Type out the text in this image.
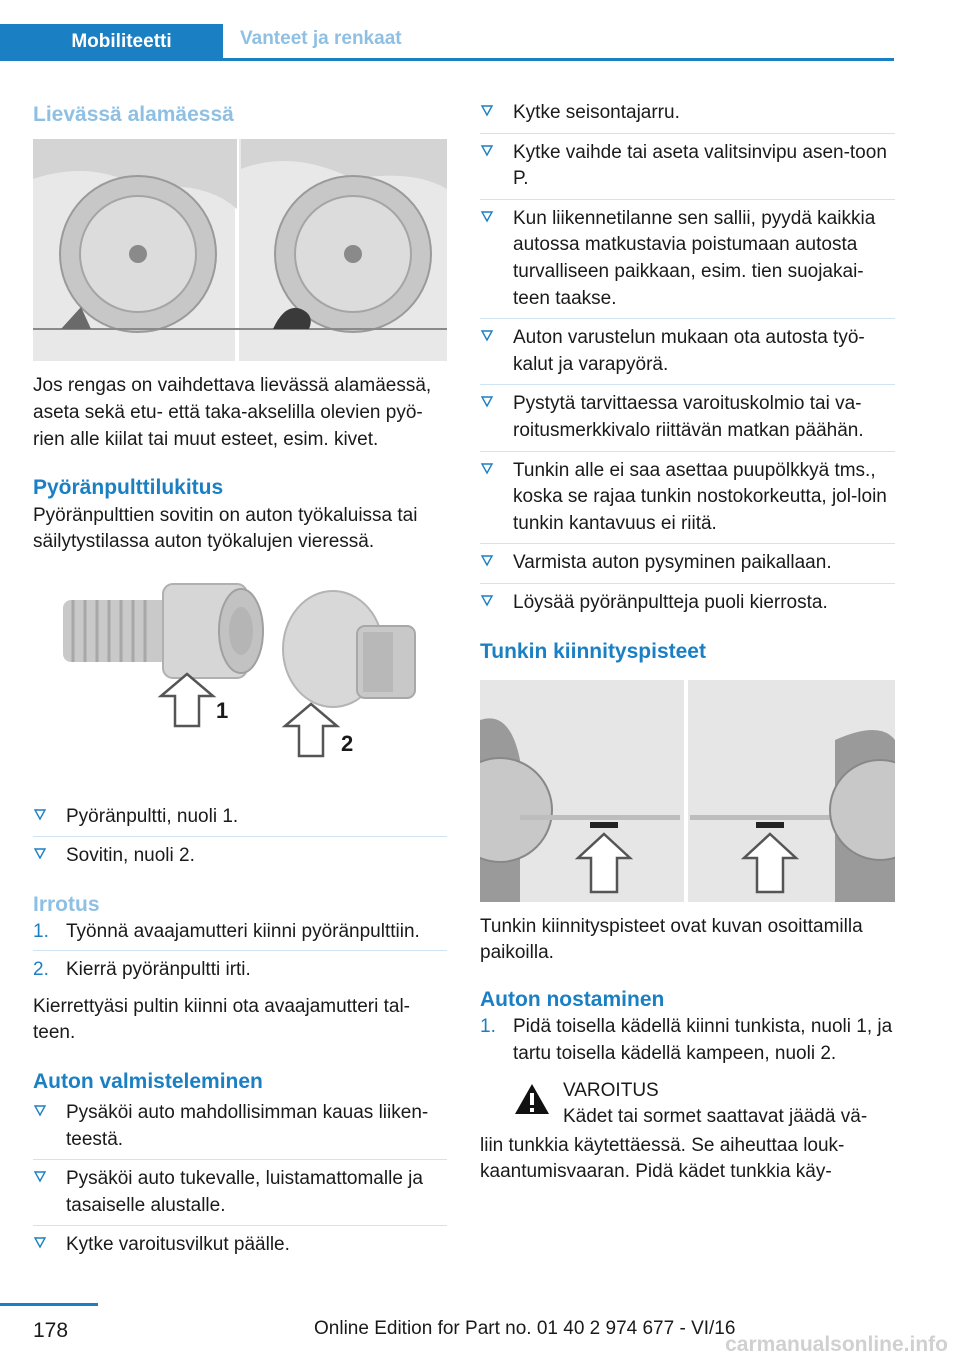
Mobiliteetti	Vanteet ja renkaat
Lievässä alamäessä

Jos rengas on vaihdettava lievässä alamäessä, aseta sekä etu- että taka-akselilla olevien pyö-rien alle kiilat tai muut esteet, esim. kivet.

Pyöränpulttilukitus

Pyöränpulttien sovitin on auton työkaluissa tai säilytystilassa auton työkalujen vieressä.

1
2
Pyöränpultti, nuoli 1.
Sovitin, nuoli 2.
Irrotus
1. Työnnä avaajamutteri kiinni pyöränpulttiin.
2. Kierrä pyöränpultti irti.

Kierrettyäsi pultin kiinni ota avaajamutteri tal-teen.

Auton valmisteleminen
Pysäköi auto mahdollisimman kauas liiken-teestä.
Pysäköi auto tukevalle, luistamattomalle ja tasaiselle alustalle.
Kytke varoitusvilkut päälle.
Kytke seisontajarru.
Kytke vaihde tai aseta valitsinvipu asen-toon P.
Kun liikennetilanne sen sallii, pyydä kaikkia autossa matkustavia poistumaan autosta turvalliseen paikkaan, esim. tien suojakai-teen taakse.
Auton varustelun mukaan ota autosta työ-kalut ja varapyörä.
Pystytä tarvittaessa varoituskolmio tai va-roitusmerkkivalo riittävän matkan päähän.
Tunkin alle ei saa asettaa puupölkkyä tms., koska se rajaa tunkin nostokorkeutta, jol-loin tunkin kantavuus ei riitä.
Varmista auton pysyminen paikallaan.
Löysää pyöränpultteja puoli kierrosta.
Tunkin kiinnityspisteet

Tunkin kiinnityspisteet ovat kuvan osoittamilla paikoilla.

Auton nostaminen
1. Pidä toisella kädellä kiinni tunkista, nuoli 1, ja tartu toisella kädellä kampeen, nuoli 2.
VAROITUS
Kädet tai sormet saattavat jäädä vä-

liin tunkkia käytettäessä. Se aiheuttaa louk-kaantumisvaaran. Pidä kädet tunkkia käy-

178	Online Edition for Part no. 01 40 2 974 677 - VI/16
carmanualsonline.info
